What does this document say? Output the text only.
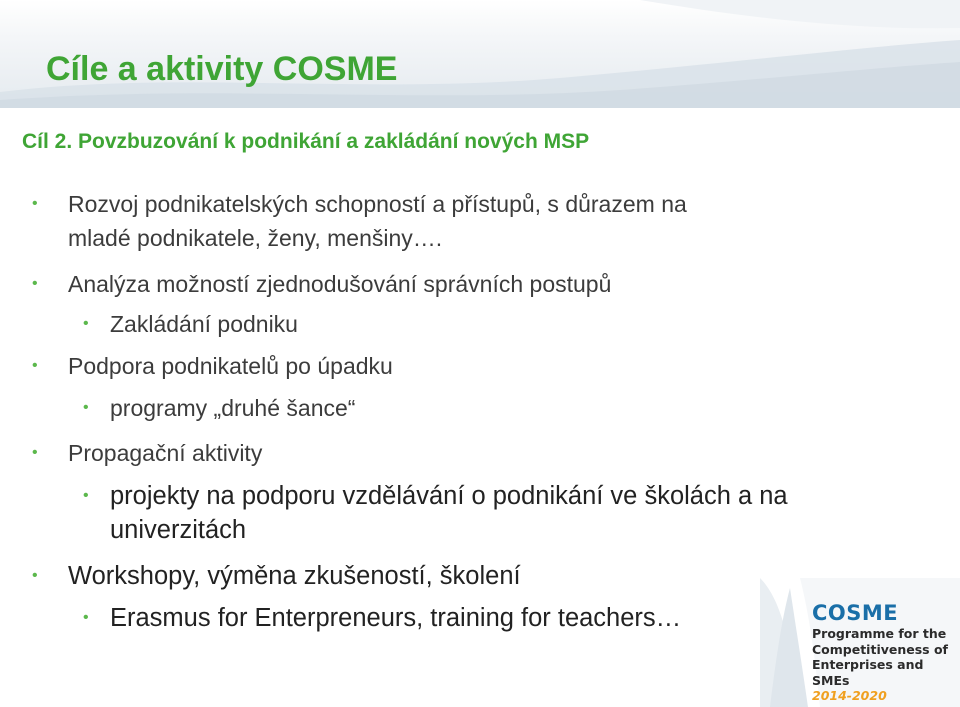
Cíle a aktivity COSME
Cíl 2. Povzbuzování k podnikání a zakládání nových MSP
• Rozvoj podnikatelských schopností a přístupů, s důrazem na
mladé podnikatele, ženy, menšiny….
• Analýza možností zjednodušování správních postupů
• Zakládání podniku
• Podpora podnikatelů po úpadku
• programy „druhé šance“
• Propagační aktivity
• projekty na podporu vzdělávání o podnikání ve školách a na
univerzitách
• Workshopy, výměna zkušeností, školení
• Erasmus for Enterpreneurs, training for teachers…	COSME
Programme for the
Competitiveness of
Enterprises and SMEs
2014-2020
